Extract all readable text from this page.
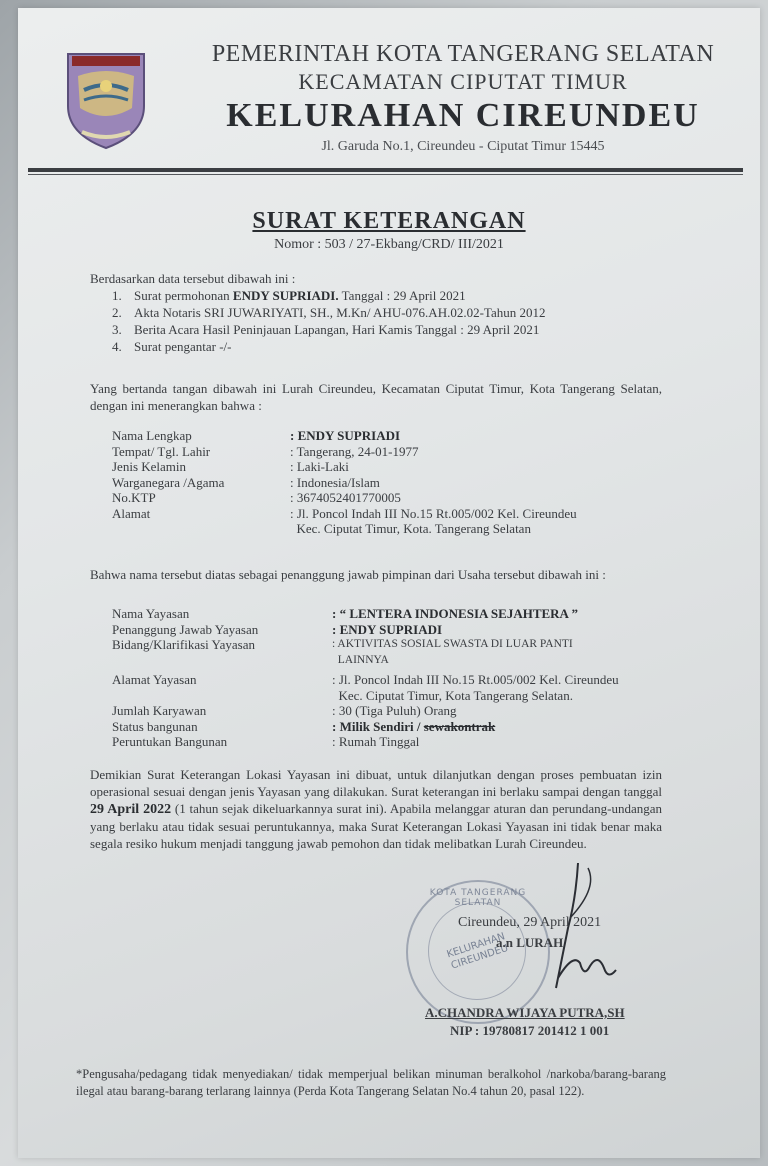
PEMERINTAH KOTA TANGERANG SELATAN
KECAMATAN CIPUTAT TIMUR
KELURAHAN CIREUNDEU
Jl. Garuda No.1, Cireundeu - Ciputat Timur 15445
SURAT KETERANGAN
Nomor : 503 / 27-Ekbang/CRD/ III/2021
Berdasarkan data tersebut dibawah ini :
1. Surat permohonan ENDY SUPRIADI. Tanggal : 29 April 2021
2. Akta Notaris SRI JUWARIYATI, SH., M.Kn/ AHU-076.AH.02.02-Tahun 2012
3. Berita Acara Hasil Peninjauan Lapangan, Hari Kamis Tanggal : 29 April 2021
4. Surat pengantar -/-
Yang bertanda tangan dibawah ini Lurah Cireundeu, Kecamatan Ciputat Timur, Kota Tangerang Selatan, dengan ini menerangkan bahwa :
Nama Lengkap	: ENDY SUPRIADI
Tempat/ Tgl. Lahir	: Tangerang, 24-01-1977
Jenis Kelamin	: Laki-Laki
Warganegara /Agama	: Indonesia/Islam
No.KTP	: 3674052401770005
Alamat	: Jl. Poncol Indah III No.15 Rt.005/002 Kel. Cireundeu
Kec. Ciputat Timur, Kota. Tangerang Selatan
Bahwa nama tersebut diatas sebagai penanggung jawab pimpinan dari Usaha tersebut dibawah ini :
Nama Yayasan	: “ LENTERA INDONESIA SEJAHTERA ”
Penanggung Jawab Yayasan	: ENDY SUPRIADI
Bidang/Klarifikasi Yayasan	: AKTIVITAS SOSIAL SWASTA DI LUAR PANTI
LAINNYA
Alamat Yayasan	: Jl. Poncol Indah III No.15 Rt.005/002 Kel. Cireundeu
Kec. Ciputat Timur, Kota Tangerang Selatan.
Jumlah Karyawan	: 30 (Tiga Puluh) Orang
Status bangunan	: Milik Sendiri / sewakontrak
Peruntukan Bangunan	: Rumah Tinggal
Demikian Surat Keterangan Lokasi Yayasan ini dibuat, untuk dilanjutkan dengan proses pembuatan izin operasional sesuai dengan jenis Yayasan yang dilakukan. Surat keterangan ini berlaku sampai dengan tanggal 29 April 2022 (1 tahun sejak dikeluarkannya surat ini). Apabila melanggar aturan dan perundang-undangan yang berlaku atau tidak sesuai peruntukannya, maka Surat Keterangan Lokasi Yayasan ini tidak benar maka segala resiko hukum menjadi tanggung jawab pemohon dan tidak melibatkan Lurah Cireundeu.
KOTA TANGERANG SELATAN
KELURAHAN CIREUNDEU
Cireundeu, 29 April 2021
a.n LURAH
A.CHANDRA WIJAYA PUTRA,SH
NIP : 19780817 201412 1 001
*Pengusaha/pedagang tidak menyediakan/ tidak memperjual belikan minuman beralkohol /narkoba/barang-barang ilegal atau barang-barang terlarang lainnya (Perda Kota Tangerang Selatan No.4 tahun 20, pasal 122).
